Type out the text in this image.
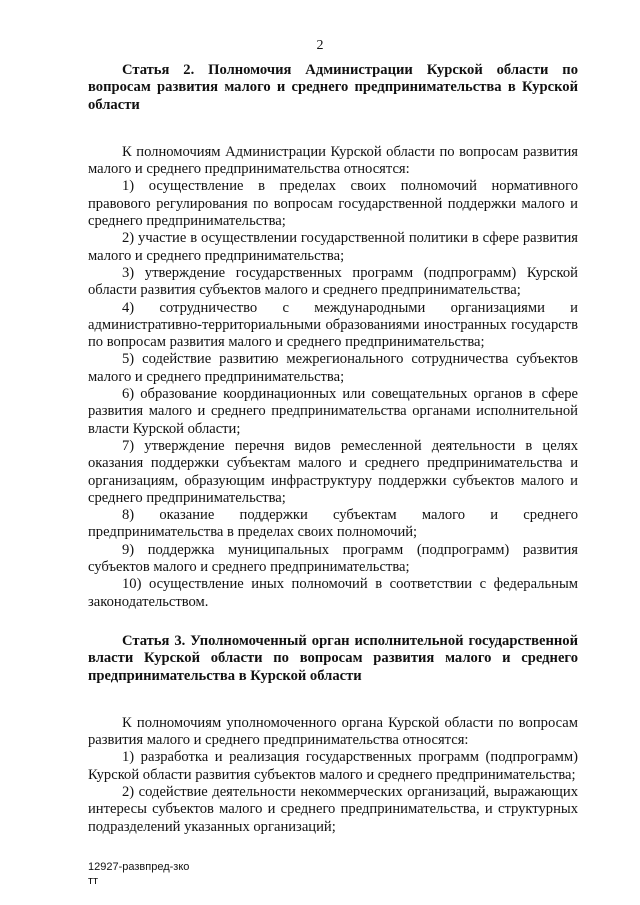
2

Статья 2. Полномочия Администрации Курской области по вопросам развития малого и среднего предпринимательства в Курской области

К полномочиям Администрации Курской области по вопросам развития малого и среднего предпринимательства относятся:

1) осуществление в пределах своих полномочий нормативного правового регулирования по вопросам государственной поддержки малого и среднего предпринимательства;

2) участие в осуществлении государственной политики в сфере развития малого и среднего предпринимательства;

3) утверждение государственных программ (подпрограмм) Курской области развития субъектов малого и среднего предпринимательства;

4) сотрудничество с международными организациями и административно-территориальными образованиями иностранных государств по вопросам развития малого и среднего предпринимательства;

5) содействие развитию межрегионального сотрудничества субъектов малого и среднего предпринимательства;

6) образование координационных или совещательных органов в сфере развития малого и среднего предпринимательства органами исполнительной власти Курской области;

7) утверждение перечня видов ремесленной деятельности в целях оказания поддержки субъектам малого и среднего предпринимательства и организациям, образующим инфраструктуру поддержки субъектов малого и среднего предпринимательства;

8) оказание поддержки субъектам малого и среднего предпринимательства в пределах своих полномочий;

9) поддержка муниципальных программ (подпрограмм) развития субъектов малого и среднего предпринимательства;

10) осуществление иных полномочий в соответствии с федеральным законодательством.

Статья 3. Уполномоченный орган исполнительной государственной власти Курской области по вопросам развития малого и среднего предпринимательства в Курской области

К полномочиям уполномоченного органа Курской области по вопросам развития малого и среднего предпринимательства относятся:

1) разработка и реализация государственных программ (подпрограмм) Курской области развития субъектов малого и среднего предпринимательства;

2) содействие деятельности некоммерческих организаций, выражающих интересы субъектов малого и среднего предпринимательства, и структурных подразделений указанных организаций;

12927-развпред-зко
тт
